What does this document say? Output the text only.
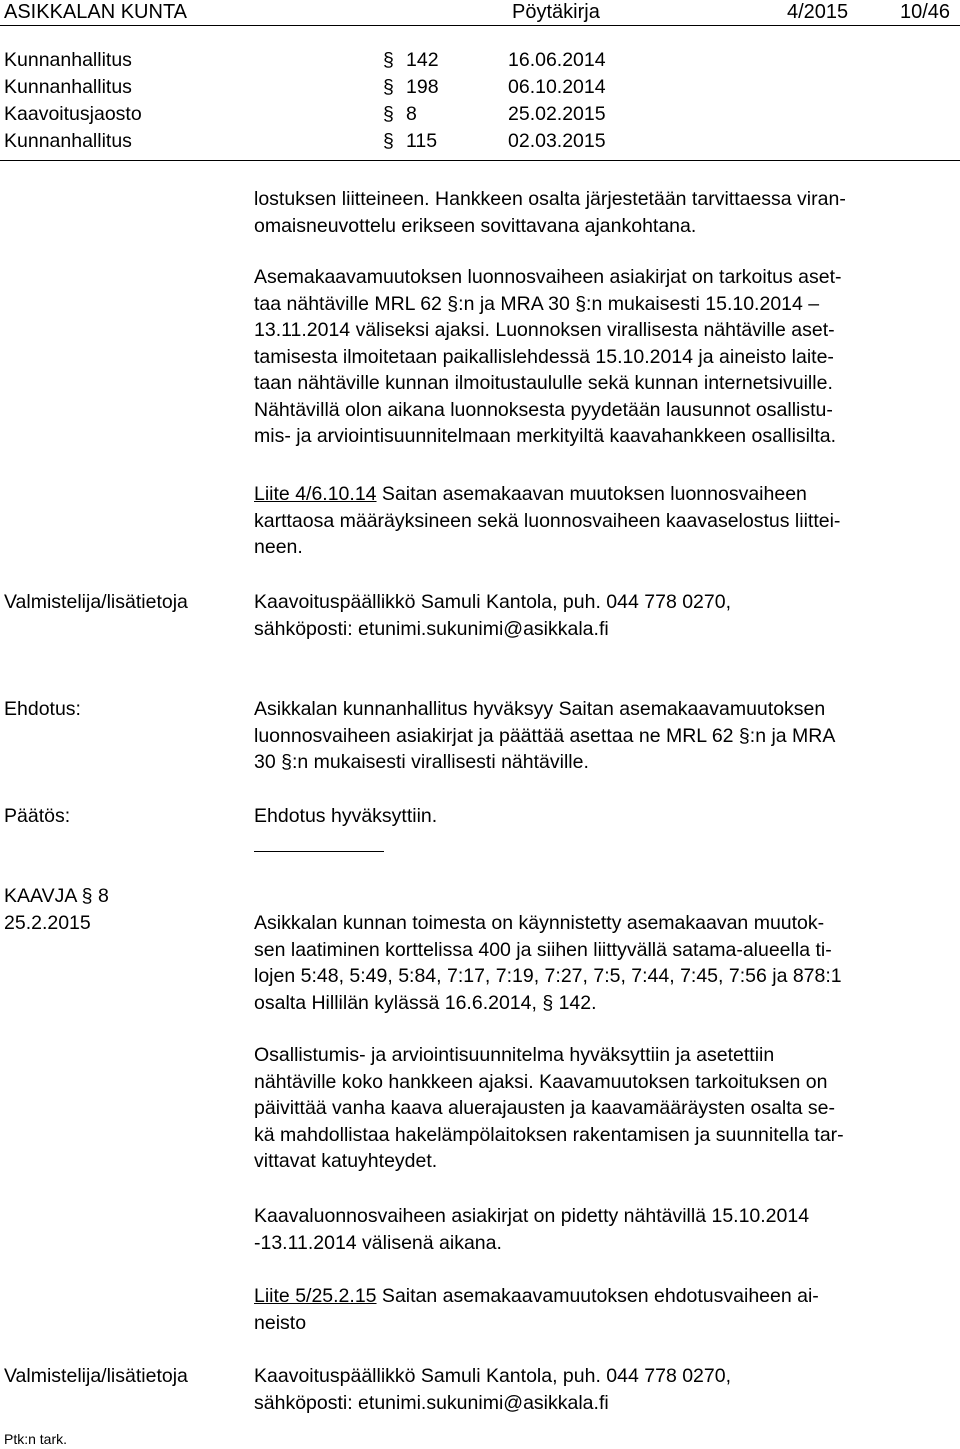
ASIKKALAN KUNTA	Pöytäkirja	4/2015	10/46
Kunnanhallitus	§ 142	16.06.2014
Kunnanhallitus	§ 198	06.10.2014
Kaavoitusjaosto	§ 8	25.02.2015
Kunnanhallitus	§ 115	02.03.2015
lostuksen liitteineen. Hankkeen osalta järjestetään tarvittaessa viran-
omaisneuvottelu erikseen sovittavana ajankohtana.
Asemakaavamuutoksen luonnosvaiheen asiakirjat on tarkoitus aset-
taa nähtäville MRL 62 §:n ja MRA 30 §:n mukaisesti 15.10.2014 –
13.11.2014 väliseksi ajaksi. Luonnoksen virallisesta nähtäville aset-
tamisesta ilmoitetaan paikallislehdessä 15.10.2014 ja aineisto laite-
taan nähtäville kunnan ilmoitustaululle sekä kunnan internetsivuille.
Nähtävillä olon aikana luonnoksesta pyydetään lausunnot osallistu-
mis- ja arviointisuunnitelmaan merkityiltä kaavahankkeen osallisilta.
Liite 4/6.10.14 Saitan asemakaavan muutoksen luonnosvaiheen
karttaosa määräyksineen sekä luonnosvaiheen kaavaselostus liittei-
neen.
Valmistelija/lisätietoja	Kaavoituspäällikkö Samuli Kantola, puh. 044 778 0270,
sähköposti: etunimi.sukunimi@asikkala.fi
Ehdotus:	Asikkalan kunnanhallitus hyväksyy Saitan asemakaavamuutoksen
luonnosvaiheen asiakirjat ja päättää asettaa ne MRL 62 §:n ja MRA
30 §:n mukaisesti virallisesti nähtäville.
Päätös:	Ehdotus hyväksyttiin.
KAAVJA § 8
25.2.2015	Asikkalan kunnan toimesta on käynnistetty asemakaavan muutok-
sen laatiminen korttelissa 400 ja siihen liittyvällä satama-alueella ti-
lojen 5:48, 5:49, 5:84, 7:17, 7:19, 7:27, 7:5, 7:44, 7:45, 7:56 ja 878:1
osalta Hillilän kylässä 16.6.2014, § 142.
Osallistumis- ja arviointisuunnitelma hyväksyttiin ja asetettiin
nähtäville koko hankkeen ajaksi. Kaavamuutoksen tarkoituksen on
päivittää vanha kaava aluerajausten ja kaavamääräysten osalta se-
kä mahdollistaa hakelämpölaitoksen rakentamisen ja suunnitella tar-
vittavat katuyhteydet.
Kaavaluonnosvaiheen asiakirjat on pidetty nähtävillä 15.10.2014
-13.11.2014 välisenä aikana.
Liite 5/25.2.15 Saitan asemakaavamuutoksen ehdotusvaiheen ai-
neisto
Valmistelija/lisätietoja	Kaavoituspäällikkö Samuli Kantola, puh. 044 778 0270,
sähköposti: etunimi.sukunimi@asikkala.fi
Ptk:n tark.
